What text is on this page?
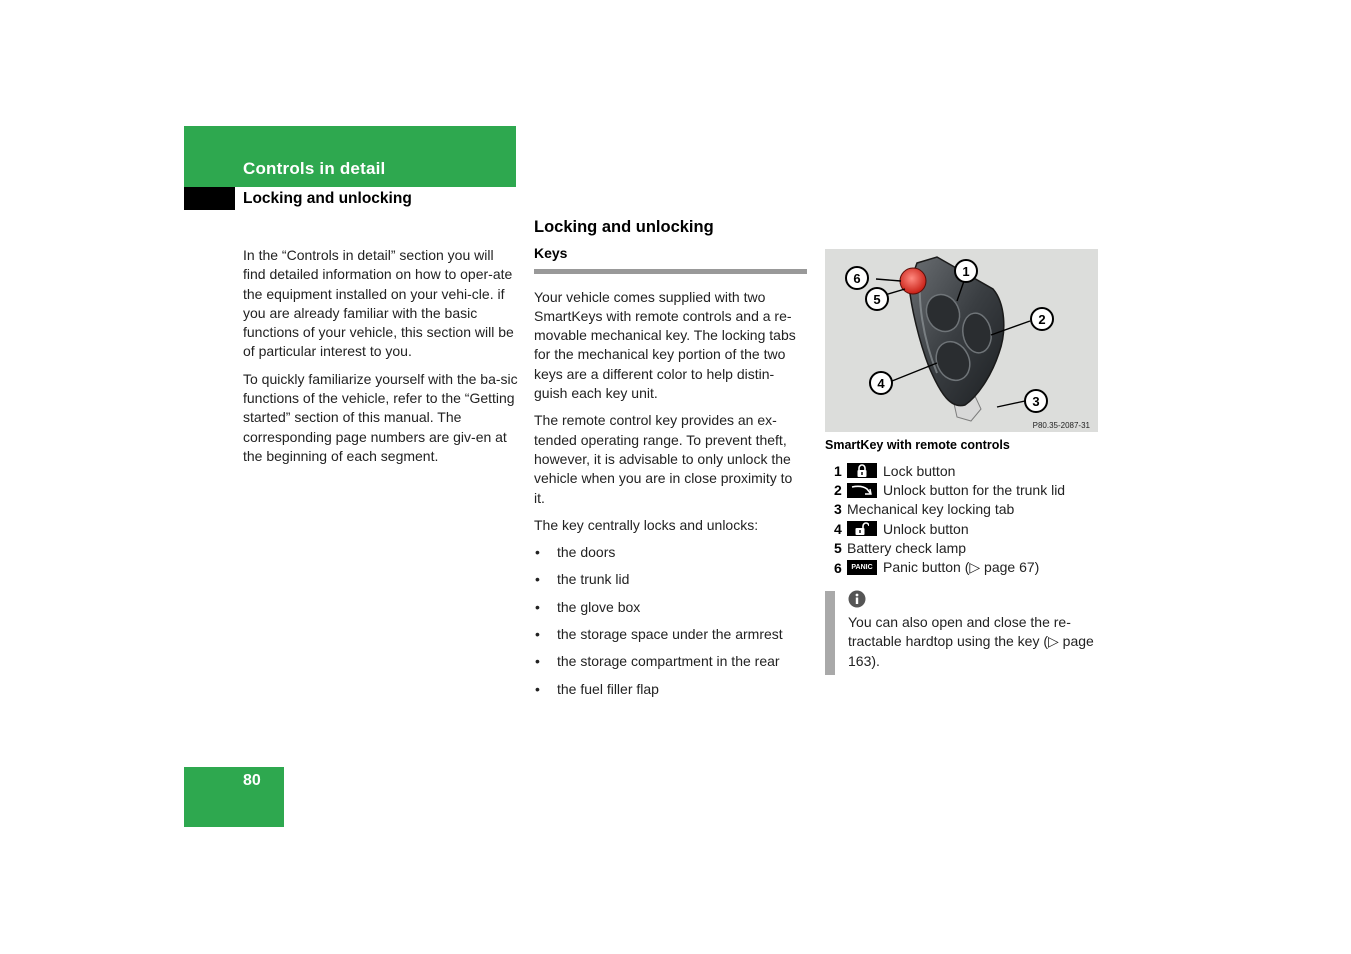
Controls in detail
Locking and unlocking

In the “Controls in detail” section you will find detailed information on how to oper-ate the equipment installed on your vehi-cle. if you are already familiar with the basic functions of your vehicle, this section will be of particular interest to you.

To quickly familiarize yourself with the ba-sic functions of the vehicle, refer to the “Getting started” section of this manual. The corresponding page numbers are giv-en at the beginning of each segment.

Locking and unlocking
Keys

Your vehicle comes supplied with two SmartKeys with remote controls and a re-movable mechanical key. The locking tabs for the mechanical key portion of the two keys are a different color to help distin-guish each key unit.

The remote control key provides an ex-tended operating range. To prevent theft, however, it is advisable to only unlock the vehicle when you are in close proximity to it.

The key centrally locks and unlocks:

• the doors
• the trunk lid
• the glove box
• the storage space under the armrest
• the storage compartment in the rear
• the fuel filler flap
6
5
1
2
3
4
P80.35-2087-31
SmartKey with remote controls
1	Lock button
2	Unlock button for the trunk lid
3 Mechanical key locking tab
4	Unlock button
5 Battery check lamp
6	PANIC Panic button (▷ page 67)
You can also open and close the re-tractable hardtop using the key (▷ page 163).
80
